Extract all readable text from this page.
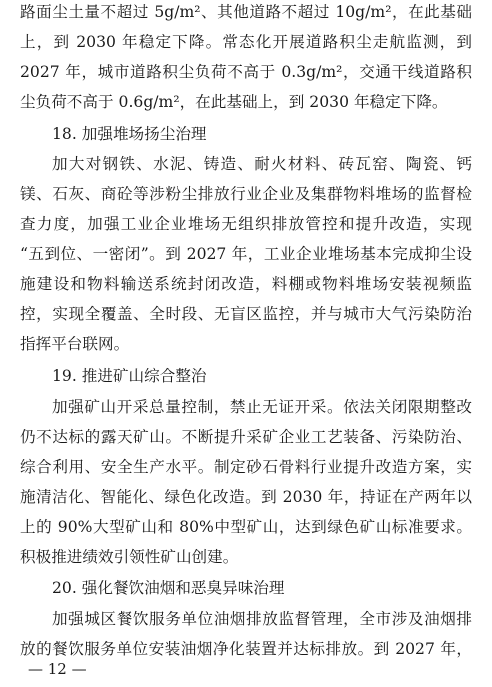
路面尘土量不超过 5g/m²、其他道路不超过 10g/m²，在此基础
上，到 2030 年稳定下降。常态化开展道路积尘走航监测，到
2027 年，城市道路积尘负荷不高于 0.3g/m²，交通干线道路积
尘负荷不高于 0.6g/m²，在此基础上，到 2030 年稳定下降。
18. 加强堆场扬尘治理
加大对钢铁、水泥、铸造、耐火材料、砖瓦窑、陶瓷、钙
镁、石灰、商砼等涉粉尘排放行业企业及集群物料堆场的监督检
查力度，加强工业企业堆场无组织排放管控和提升改造，实现
“五到位、一密闭”。到 2027 年，工业企业堆场基本完成抑尘设
施建设和物料输送系统封闭改造，料棚或物料堆场安装视频监
控，实现全覆盖、全时段、无盲区监控，并与城市大气污染防治
指挥平台联网。
19. 推进矿山综合整治
加强矿山开采总量控制，禁止无证开采。依法关闭限期整改
仍不达标的露天矿山。不断提升采矿企业工艺装备、污染防治、
综合利用、安全生产水平。制定砂石骨料行业提升改造方案，实
施清洁化、智能化、绿色化改造。到 2030 年，持证在产两年以
上的 90%大型矿山和 80%中型矿山，达到绿色矿山标准要求。
积极推进绩效引领性矿山创建。
20. 强化餐饮油烟和恶臭异味治理
加强城区餐饮服务单位油烟排放监督管理，全市涉及油烟排
放的餐饮服务单位安装油烟净化装置并达标排放。到 2027 年，
— 12 —
